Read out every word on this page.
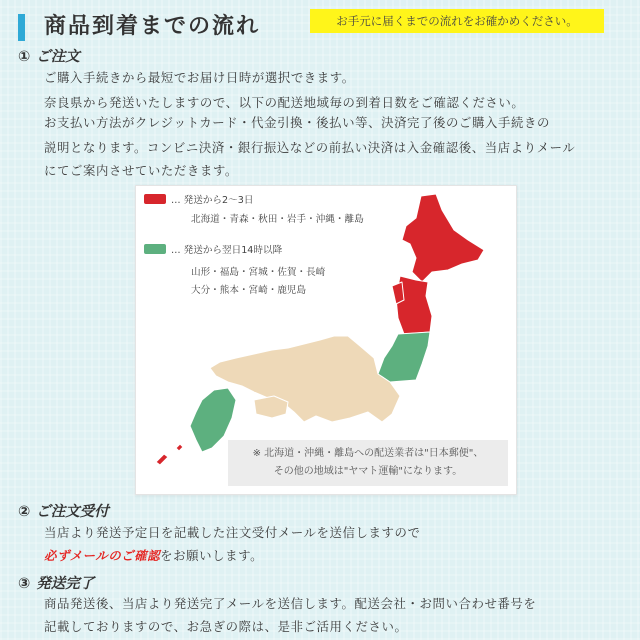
商品到着までの流れ	お手元に届くまでの流れをお確かめください。
① ご注文
ご購入手続きから最短でお届け日時が選択できます。
奈良県から発送いたしますので、以下の配送地域毎の到着日数をご確認ください。
お支払い方法がクレジットカード・代金引換・後払い等、決済完了後のご購入手続きの
説明となります。コンビニ決済・銀行振込などの前払い決済は入金確認後、当店よりメール
にてご案内させていただきます。
… 発送から2〜3日
北海道・青森・秋田・岩手・沖縄・離島
… 発送から翌日14時以降
山形・福島・宮城・佐賀・長崎
大分・熊本・宮崎・鹿児島
※ 北海道・沖縄・離島への配送業者は"日本郵便"、
その他の地域は"ヤマト運輸"になります。
② ご注文受付
当店より発送予定日を記載した注文受付メールを送信しますので
必ずメールのご確認をお願いします。
③ 発送完了
商品発送後、当店より発送完了メールを送信します。配送会社・お問い合わせ番号を
記載しておりますので、お急ぎの際は、是非ご活用ください。
